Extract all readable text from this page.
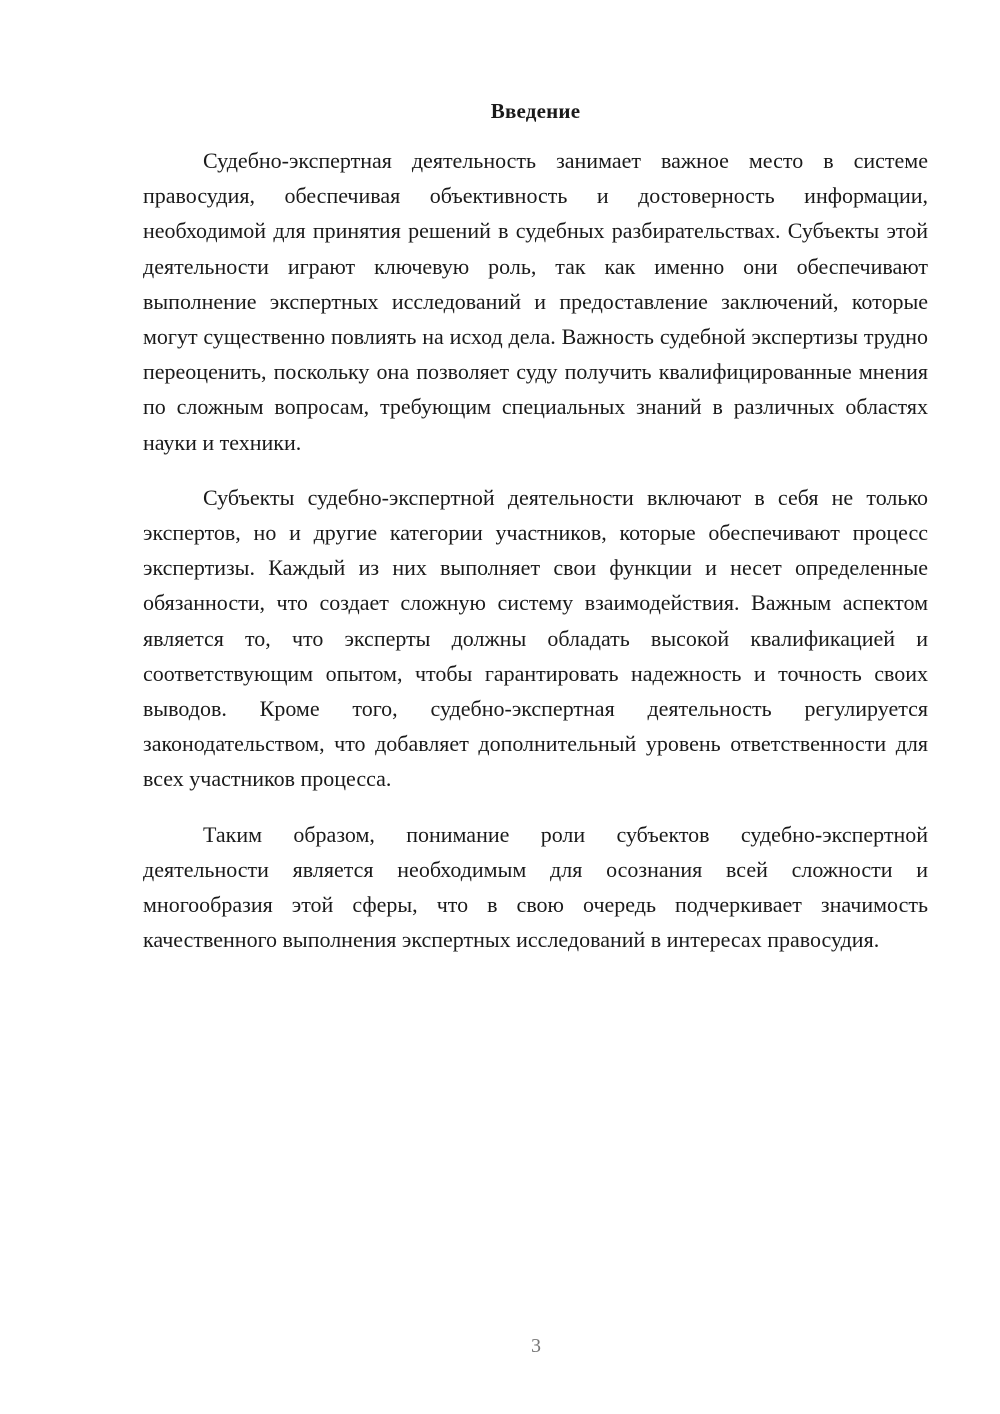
Введение

Судебно-экспертная деятельность занимает важное место в системе правосудия, обеспечивая объективность и достоверность информации, необходимой для принятия решений в судебных разбирательствах. Субъекты этой деятельности играют ключевую роль, так как именно они обеспечивают выполнение экспертных исследований и предоставление заключений, которые могут существенно повлиять на исход дела. Важность судебной экспертизы трудно переоценить, поскольку она позволяет суду получить квалифицированные мнения по сложным вопросам, требующим специальных знаний в различных областях науки и техники.

Субъекты судебно-экспертной деятельности включают в себя не только экспертов, но и другие категории участников, которые обеспечивают процесс экспертизы. Каждый из них выполняет свои функции и несет определенные обязанности, что создает сложную систему взаимодействия. Важным аспектом является то, что эксперты должны обладать высокой квалификацией и соответствующим опытом, чтобы гарантировать надежность и точность своих выводов. Кроме того, судебно-экспертная деятельность регулируется законодательством, что добавляет дополнительный уровень ответственности для всех участников процесса.

Таким образом, понимание роли субъектов судебно-экспертной деятельности является необходимым для осознания всей сложности и многообразия этой сферы, что в свою очередь подчеркивает значимость качественного выполнения экспертных исследований в интересах правосудия.

3
